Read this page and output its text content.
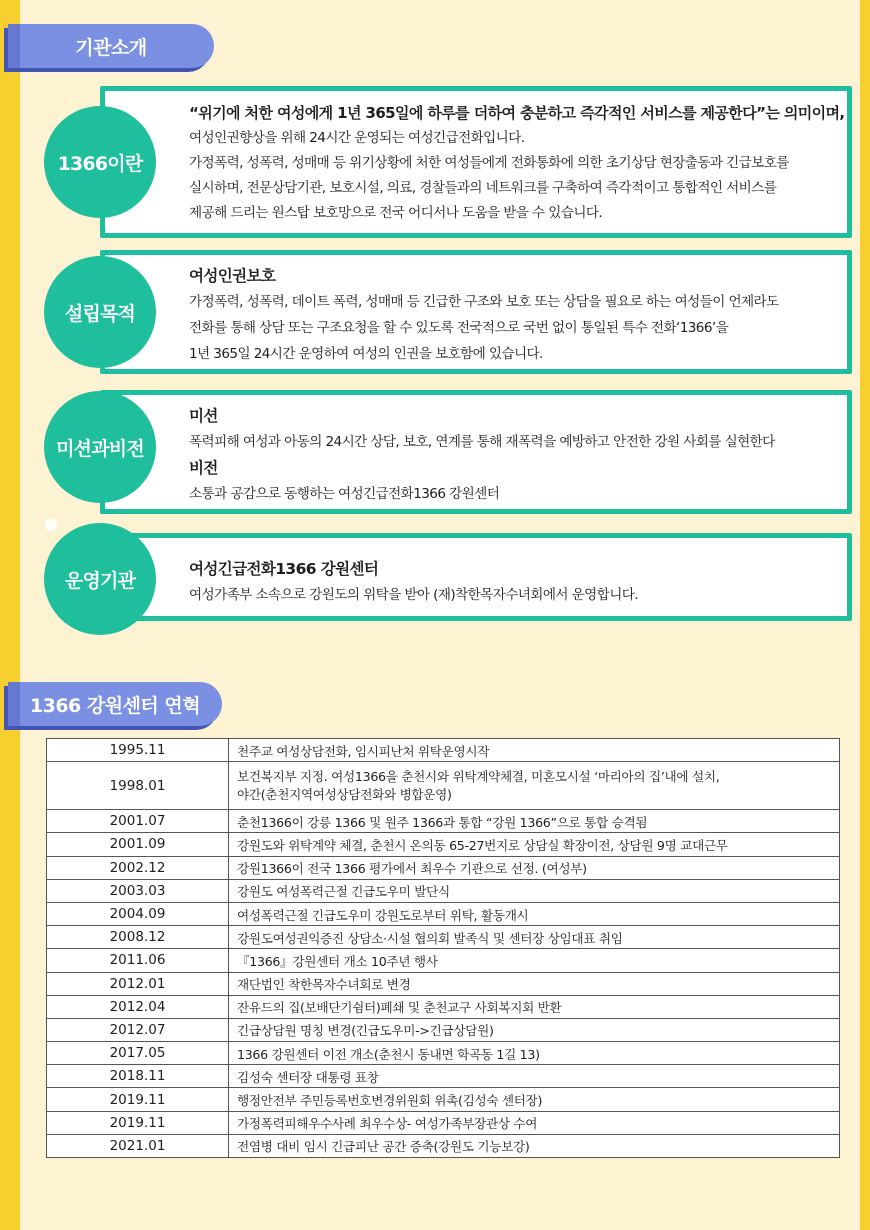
기관소개
“위기에 처한 여성에게 1년 365일에 하루를 더하여 충분하고 즉각적인 서비스를 제공한다”는 의미이며,
여성인권향상을 위해 24시간 운영되는 여성긴급전화입니다.
가정폭력, 성폭력, 성매매 등 위기상황에 처한 여성들에게 전화통화에 의한 초기상담 현장출동과 긴급보호를
실시하며, 전문상담기관, 보호시설, 의료, 경찰들과의 네트워크를 구축하여 즉각적이고 통합적인 서비스를
제공해 드리는 원스탑 보호망으로 전국 어디서나 도움을 받을 수 있습니다.
1366이란
여성인권보호
가정폭력, 성폭력, 데이트 폭력, 성매매 등 긴급한 구조와 보호 또는 상담을 필요로 하는 여성들이 언제라도
전화를 통해 상담 또는 구조요청을 할 수 있도록 전국적으로 국번 없이 통일된 특수 전화‘1366’을
1년 365일 24시간 운영하여 여성의 인권을 보호함에 있습니다.
설립목적
미션
폭력피해 여성과 아동의 24시간 상담, 보호, 연계를 통해 재폭력을 예방하고 안전한 강원 사회를 실현한다
비전
소통과 공감으로 동행하는 여성긴급전화1366 강원센터
미션과비전
여성긴급전화1366 강원센터
여성가족부 소속으로 강원도의 위탁을 받아 (재)착한목자수녀회에서 운영합니다.
운영기관
1366 강원센터 연혁
1995.11	천주교 여성상담전화, 임시피난처 위탁운영시작
1998.01	보건복지부 지정. 여성1366을 춘천시와 위탁계약체결, 미혼모시설 ‘마리아의 집’내에 설치,
야간(춘천지역여성상담전화와 병합운영)
2001.07	춘천1366이 강릉 1366 및 원주 1366과 통합 “강원 1366”으로 통합 승격됨
2001.09	강원도와 위탁계약 체결, 춘천시 온의동 65-27번지로 상담실 확장이전, 상담원 9명 교대근무
2002.12	강원1366이 전국 1366 평가에서 최우수 기관으로 선정. (여성부)
2003.03	강원도 여성폭력근절 긴급도우미 발단식
2004.09	여성폭력근절 긴급도우미 강원도로부터 위탁, 활동개시
2008.12	강원도여성권익증진 상담소·시설 협의회 발족식 및 센터장 상임대표 취임
2011.06	『1366』강원센터 개소 10주년 행사
2012.01	재단법인 착한목자수녀회로 변경
2012.04	잔유드의 집(보배단기쉼터)폐쇄 및 춘천교구 사회복지회 반환
2012.07	긴급상담원 명칭 변경(긴급도우미->긴급상담원)
2017.05	1366 강원센터 이전 개소(춘천시 동내면 학곡동 1길 13)
2018.11	김성숙 센터장 대통령 표창
2019.11	행정안전부 주민등록번호변경위원회 위촉(김성숙 센터장)
2019.11	가정폭력피해우수사례 최우수상- 여성가족부장관상 수여
2021.01	전염병 대비 임시 긴급피난 공간 증축(강원도 기능보강)
